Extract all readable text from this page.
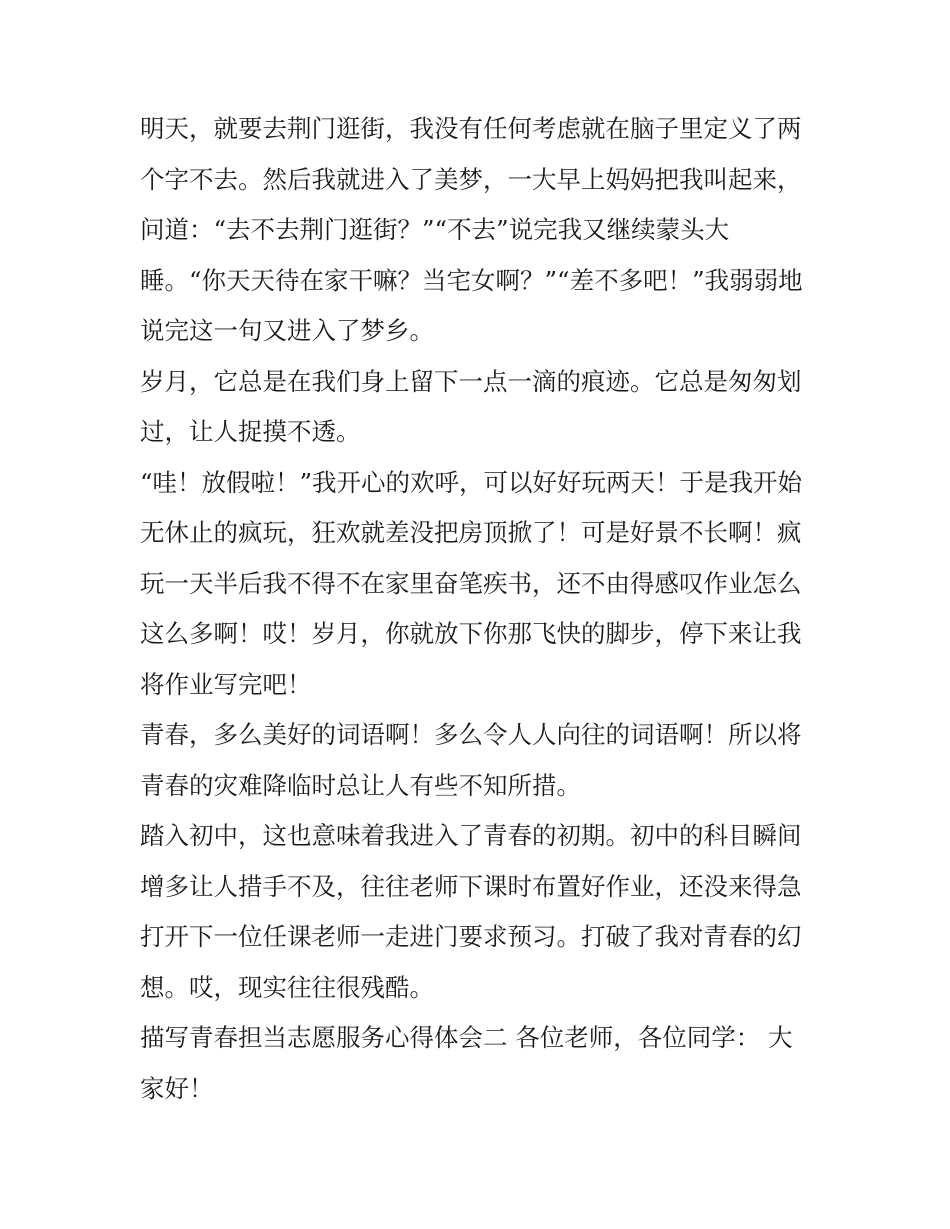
明天，就要去荆门逛街，我没有任何考虑就在脑子里定义了两
个字不去。然后我就进入了美梦，一大早上妈妈把我叫起来，
问道：“去不去荆门逛街？”“不去”说完我又继续蒙头大
睡。“你天天待在家干嘛？当宅女啊？”“差不多吧！”我弱弱地
说完这一句又进入了梦乡。
岁月，它总是在我们身上留下一点一滴的痕迹。它总是匆匆划
过，让人捉摸不透。
“哇！放假啦！”我开心的欢呼，可以好好玩两天！于是我开始
无休止的疯玩，狂欢就差没把房顶掀了！可是好景不长啊！疯
玩一天半后我不得不在家里奋笔疾书，还不由得感叹作业怎么
这么多啊！哎！岁月，你就放下你那飞快的脚步，停下来让我
将作业写完吧！
青春，多么美好的词语啊！多么令人人向往的词语啊！所以将
青春的灾难降临时总让人有些不知所措。
踏入初中，这也意味着我进入了青春的初期。初中的科目瞬间
增多让人措手不及，往往老师下课时布置好作业，还没来得急
打开下一位任课老师一走进门要求预习。打破了我对青春的幻
想。哎，现实往往很残酷。
描写青春担当志愿服务心得体会二 各位老师，各位同学： 大
家好！
